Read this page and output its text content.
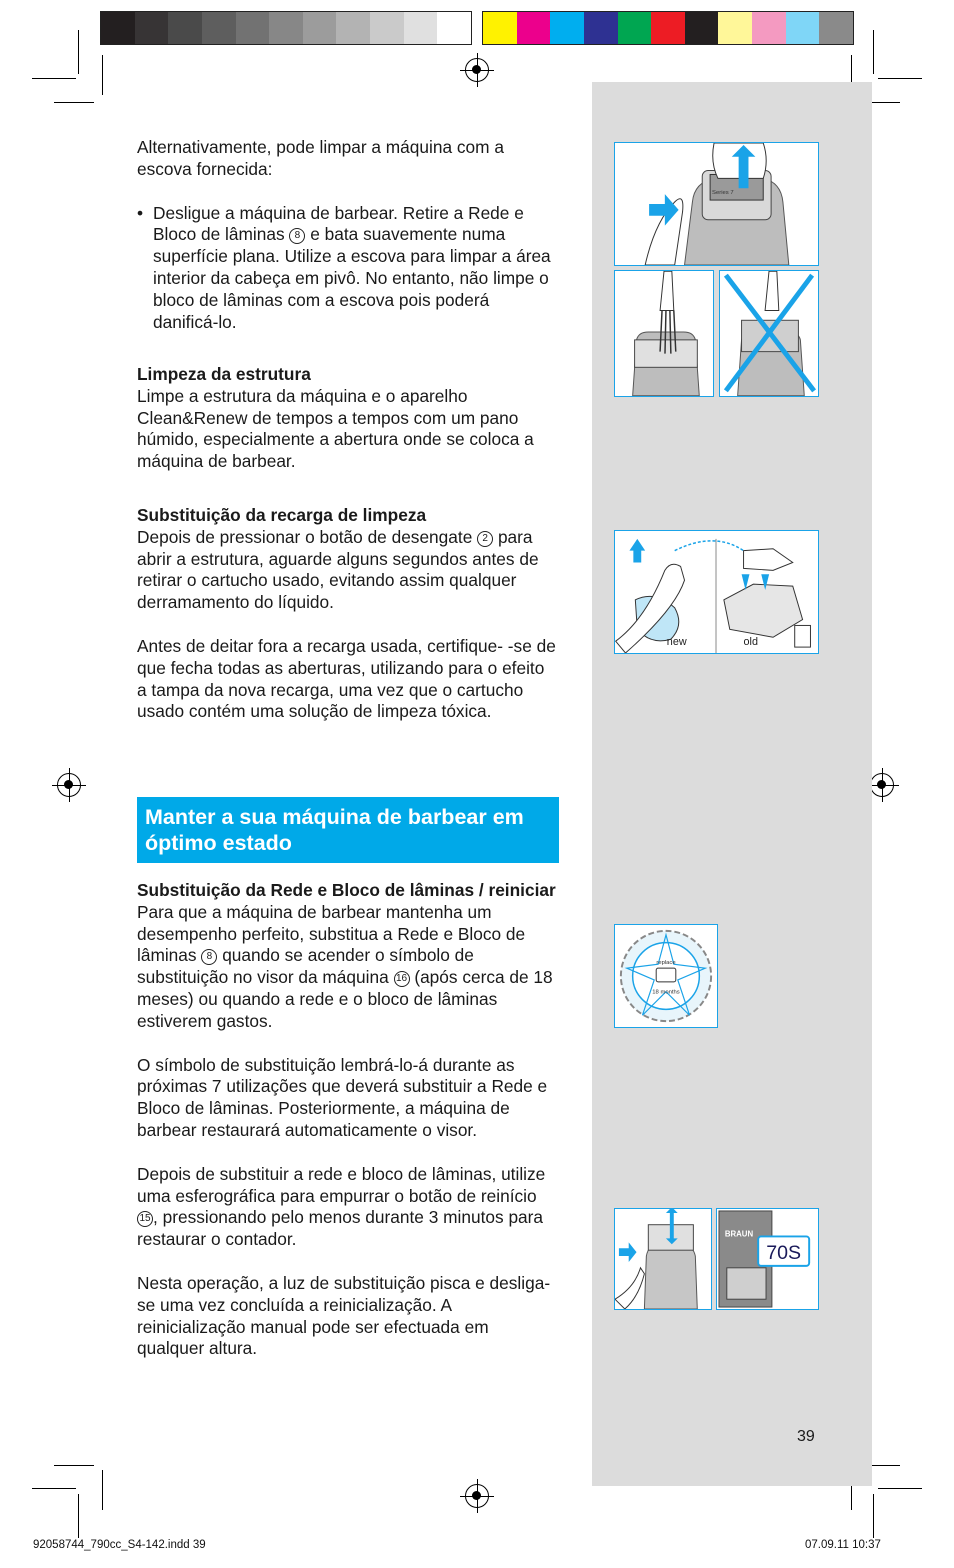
Series 7
new	old
replace
18 months
BRAUN
70S

Alternativamente, pode limpar a máquina com a escova fornecida:

• Desligue a máquina de barbear. Retire a Rede e Bloco de lâminas 8 e bata suavemente numa superfície plana. Utilize a escova para limpar a área interior da cabeça em pivô. No entanto, não limpe o bloco de lâminas com a escova pois poderá danificá-lo.

Limpeza da estrutura

Limpe a estrutura da máquina e o aparelho Clean&Renew de tempos a tempos com um pano húmido, especialmente a abertura onde se coloca a máquina de barbear.

Substituição da recarga de limpeza

Depois de pressionar o botão de desengate 2 para abrir a estrutura, aguarde alguns segundos antes de retirar o cartucho usado, evitando assim qualquer derramamento do líquido.

Antes de deitar fora a recarga usada, certifique- -se de que fecha todas as aberturas, utilizando para o efeito a tampa da nova recarga, uma vez que o cartucho usado contém uma solução de limpeza tóxica.

Manter a sua máquina de barbear em óptimo estado

Substituição da Rede e Bloco de lâminas / reiniciar

Para que a máquina de barbear mantenha um desempenho perfeito, substitua a Rede e Bloco de lâminas 8 quando se acender o símbolo de substituição no visor da máquina 16 (após cerca de 18 meses) ou quando a rede e o bloco de lâminas estiverem gastos.

O símbolo de substituição lembrá-lo-á durante as próximas 7 utilizações que deverá substituir a Rede e Bloco de lâminas. Posteriormente, a máquina de barbear restaurará automaticamente o visor.

Depois de substituir a rede e bloco de lâminas, utilize uma esferográfica para empurrar o botão de reinício 15 , pressionando pelo menos durante 3 minutos para restaurar o contador.

Nesta operação, a luz de substituição pisca e desliga-se uma vez concluída a reinicialização. A reinicialização manual pode ser efectuada em qualquer altura.

39
92058744_790cc_S4-142.indd 39	07.09.11 10:37
